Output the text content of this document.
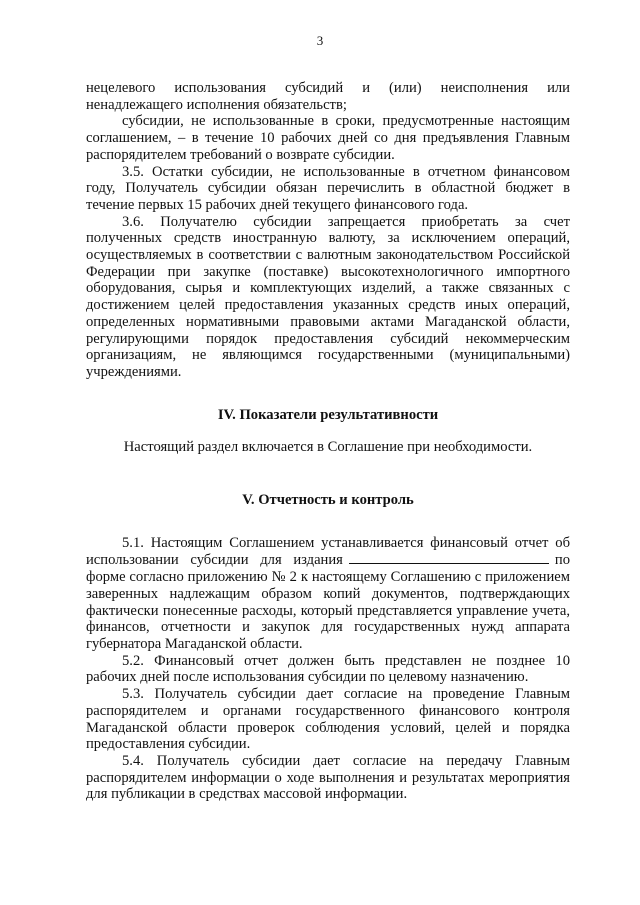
3

нецелевого использования субсидий и (или) неисполнения или ненадлежащего исполнения обязательств;

субсидии, не использованные в сроки, предусмотренные настоящим соглашением, – в течение 10 рабочих дней со дня предъявления Главным распорядителем требований о возврате субсидии.

3.5. Остатки субсидии, не использованные в отчетном финансовом году, Получатель субсидии обязан перечислить в областной бюджет в течение первых 15 рабочих дней текущего финансового года.

3.6. Получателю субсидии запрещается приобретать за счет полученных средств иностранную валюту, за исключением операций, осуществляемых в соответствии с валютным законодательством Российской Федерации при закупке (поставке) высокотехнологичного импортного оборудования, сырья и комплектующих изделий, а также связанных с достижением целей предоставления указанных средств иных операций, определенных нормативными правовыми актами Магаданской области, регулирующими порядок предоставления субсидий некоммерческим организациям, не являющимся государственными (муниципальными) учреждениями.

IV. Показатели результативности

Настоящий раздел включается в Соглашение при необходимости.

V. Отчетность и контроль

5.1. Настоящим Соглашением устанавливается финансовый отчет об использовании субсидии для издания	по форме согласно приложению № 2 к настоящему Соглашению с приложением заверенных надлежащим образом копий документов, подтверждающих фактически понесенные расходы, который представляется управление учета, финансов, отчетности и закупок для государственных нужд аппарата губернатора Магаданской области.

5.2. Финансовый отчет должен быть представлен не позднее 10 рабочих дней после использования субсидии по целевому назначению.

5.3. Получатель субсидии дает согласие на проведение Главным распорядителем и органами государственного финансового контроля Магаданской области проверок соблюдения условий, целей и порядка предоставления субсидии.

5.4. Получатель субсидии дает согласие на передачу Главным распорядителем информации о ходе выполнения и результатах мероприятия для публикации в средствах массовой информации.
